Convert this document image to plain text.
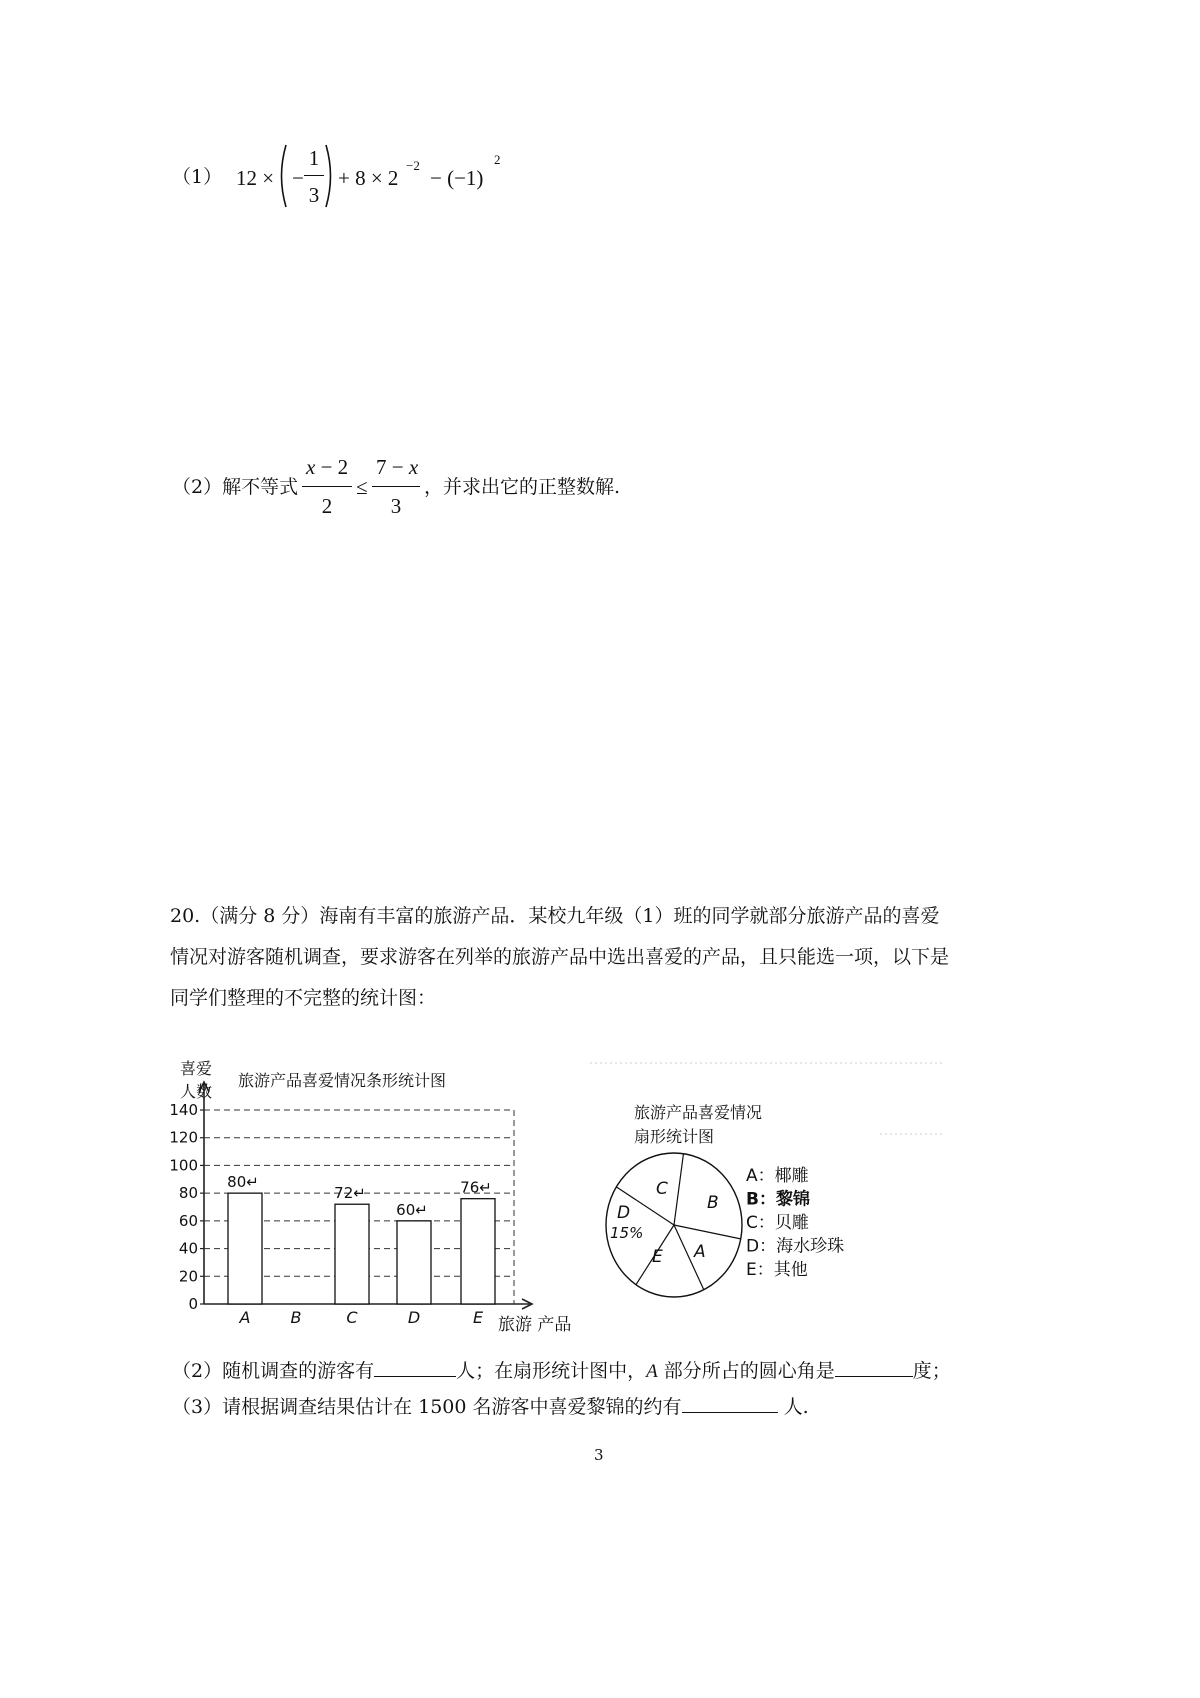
（1） 12 × −
1
3
+ 8 × 2
−2
− (−1)
2
（2）解不等式
x − 2
2
≤
7 − x
3
，并求出它的正整数解.
20.（满分 8 分）海南有丰富的旅游产品．某校九年级（1）班的同学就部分旅游产品的喜爱情况对游客随机调查，要求游客在列举的旅游产品中选出喜爱的产品，且只能选一项，以下是同学们整理的不完整的统计图：
0
20
40
60
80
100
120
140
旅游产品喜爱情况条形统计图
喜爱
人数
旅游 产品
80↵
A	B
72↵
C
60↵
D
76↵
E
旅游产品喜爱情况
扇形统计图
A
B
C
D
E
15%
A：椰雕
B：黎锦
C：贝雕
D：海水珍珠
E：其他
（2）随机调查的游客有	人；在扇形统计图中，A 部分所占的圆心角是	度；
（3）请根据调查结果估计在 1500 名游客中喜爱黎锦的约有	人.
3
